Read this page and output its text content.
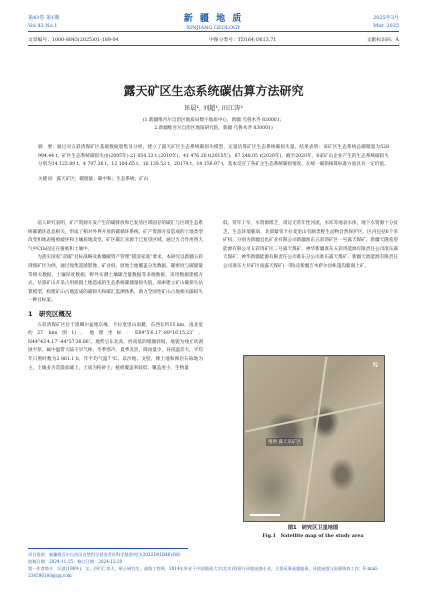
第43卷 第1期
Vol.43 No.1
新 疆 地 质
XINJIANG GEOLOGY
2025年3月
Mar. 2025
文章编号：1000-8845(2025)01-189-04	中图分类号：TD164;O613.71	文献标识码：A
露天矿区生态系统碳估算方法研究
匡晨¹, 刘超¹, 田江涛²
(1.新疆维吾尔自治区地质局数字地质中心，新疆 乌鲁木齐 830001；
2.新疆维吾尔自治区地质研究院，新疆 乌鲁木齐 830001)
摘　要：通过对五彩湾煤矿区基础数据收集及分析，建立了露天矿区生态系统碳损失模型，定量估算矿区生态系统碳损失量。结果表明：该矿区生态系统总碳储量为528 994.44 t，矿区生态系统碳损失由(2005年)-21 054.12 t (2010年)、41 476.20 t(2015年)、67 248.05 t(2020年)。截至2020年，6家矿山企业产生的生态系统碳损失分别为14 122.09 t、4 707.36 t、12 104.65 t、16 139.53 t、20174 t、18 156.97 t，基本反应了各矿企生态系统碳损情况，在统一碳损核算标准方面具有一定价值。
关键词：露天矿区；碳储量；碳中和；生态系统；矿山

前人研究表明，矿产资源开发产生的碳排放和已复垦区域固存的碳汇与区域生态系统碳循环息息相关，形成了相对外界开放的碳循环系统。矿产资源开发造成的土地类型改变和地表植被破坏和土壤质地改变，矿区碳汇来源于已复垦区域，通过光合作用将大气中CO₂固定在植被和土壤中。

为落实国家“双碳”目标战略及新疆碳资产管理“摸清家底”要求，本研究以新疆五彩湾煤矿区为例，通过收集遥感影像、矿业权、原始土地覆盖分类数据、碳密度与碳储量等相关数据，土壤厚度数据、野外实测土壤碳含量数据等多源数据，采用数据建模方式，估算矿山开采占用损毁土地造成的生态系统碳储量损失值，探索建立矿山碳损失估算模型，构建矿山占地造成的碳损失和碳汇监测体系，助力全国性矿山占地相关碳损失一种目标案。

1　研究区概况

五彩湾煤矿区位于准噶尔盆地东缘，卡拉麦里山南麓，东西长约15 km，南北宽约27 km(图1)。地理坐标：E89°5′6.17″-89°16′15.23″，N44°43′4.17″-44°57′36.86″。地势呈东北高、西南低的缓倾斜坡，地貌为残丘状剥蚀平原，属中温带大陆干旱气候，冬季寒冷，夏季炎热，降雨量少，昼夜温差大，平均年日照时数为2 861.1 h，年平均气温7 ℃。以沙地、戈壁、裸土地和裸岩石砾地为主，土壤多为荒漠盐碱土，土质为粉砂土，植被覆盖率较低，覆盖度小，生物量

低。常年干旱，水资源匮乏，周边无常年性河流，水库等地表水体，地下水资源十分贫乏，生态环境脆弱，北部紧邻卡拉麦里山有蹄类野生动物自然保护区。区内包括6个采矿权，分别为新疆宜化矿业有限公司新疆准东五彩湾矿区一号露天煤矿、新疆天隆希望能源有限公司五彩湾矿区二号露天煤矿、神华新疆准东五彩湾能源有限责任公司准东露天煤矿、神华新疆能源有限责任公司准东分公司准东露天煤矿、新疆天池能源有限责任公司准东大井矿区南露天煤矿(一期)及新疆吉木萨尔县帐篷沟膨润土矿。

图例 露天采矿区
N
图1　研究区卫星地图
Fig.1　Satellite map of the study area
项目资助：新疆维吾尔自治区自然科学基金青年科学基金项目(2022D01B46)资助
收稿日期：2024-11-15；修订日期：2024-12-20
第一作者简介：匡晨(1989-)，女，四川仁寿人，硕士研究生，高级工程师，2014年毕业于中国地质大学(北京)资源与环境遥感专业，主要从事遥感地质、环境遥感与资源调查工作；E-mail: 234596100@qq.com
